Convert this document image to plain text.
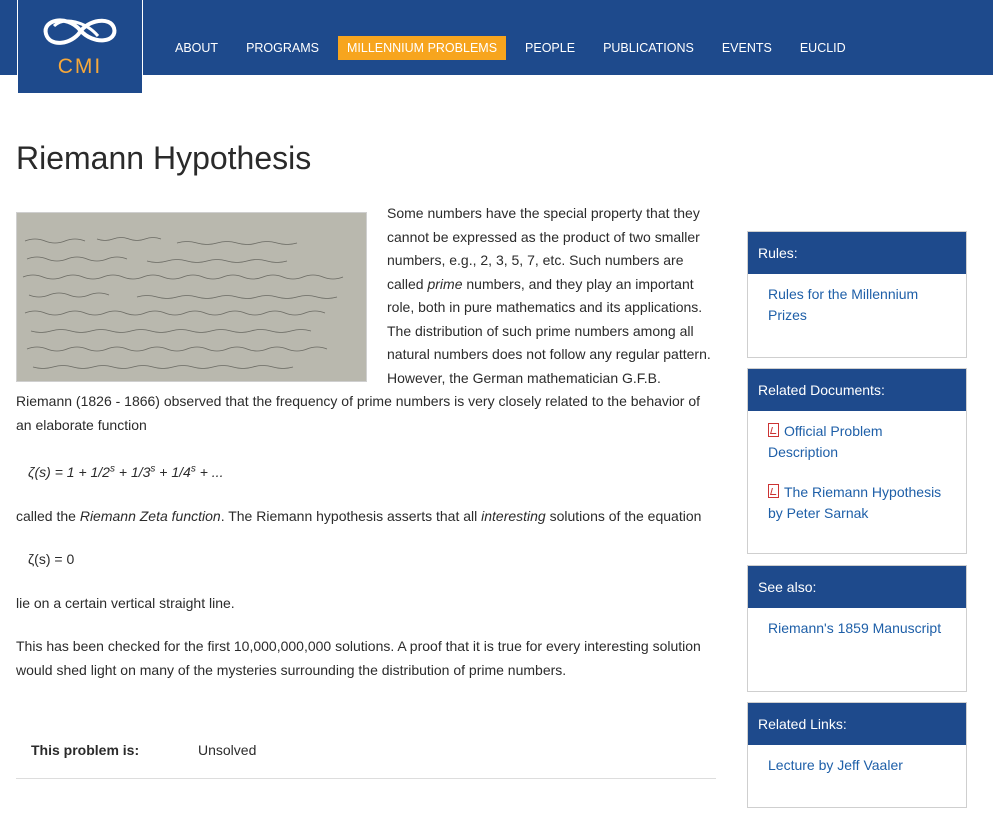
CMI
ABOUT	PROGRAMS	MILLENNIUM PROBLEMS	PEOPLE	PUBLICATIONS	EVENTS	EUCLID
Riemann Hypothesis

Some numbers have the special property that they cannot be expressed as the product of two smaller numbers, e.g., 2, 3, 5, 7, etc. Such numbers are called prime numbers, and they play an important role, both in pure mathematics and its applications. The distribution of such prime numbers among all natural numbers does not follow any regular pattern. However, the German mathematician G.F.B. Riemann (1826 - 1866) observed that the frequency of prime numbers is very closely related to the behavior of an elaborate function

$\zeta(s) = 1 + 1/2^s + 1/3^s + 1/4^s$ + ...

called the Riemann Zeta function. The Riemann hypothesis asserts that all interesting solutions of the equation

ζ(s) = 0

lie on a certain vertical straight line.

This has been checked for the first 10,000,000,000 solutions. A proof that it is true for every interesting solution would shed light on many of the mysteries surrounding the distribution of prime numbers.

This problem is:	Unsolved
Rules:
Rules for the Millennium Prizes
Related Documents:
Official Problem Description
The Riemann Hypothesis by Peter Sarnak
See also:
Riemann's 1859 Manuscript
Related Links:
Lecture by Jeff Vaaler
